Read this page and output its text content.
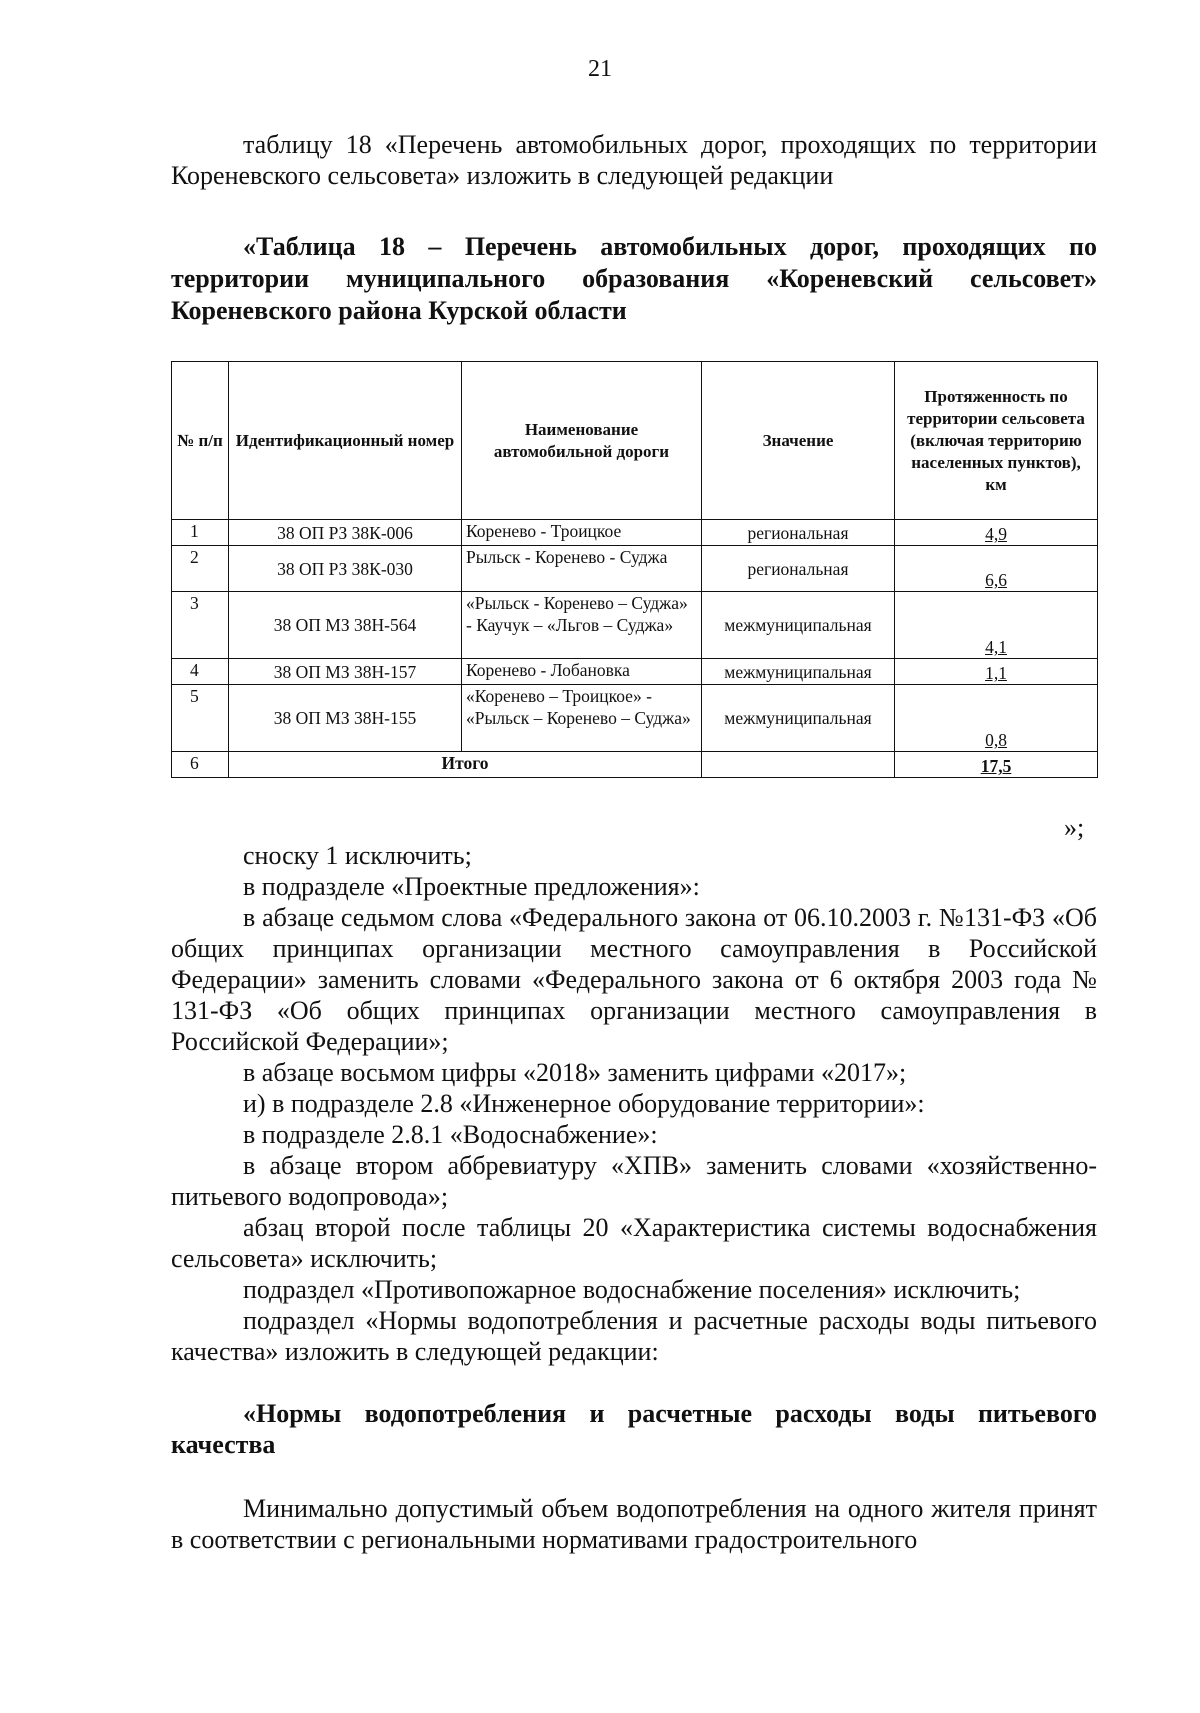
21

таблицу 18 «Перечень автомобильных дорог, проходящих по территории Кореневского сельсовета» изложить в следующей редакции

«Таблица 18 – Перечень автомобильных дорог, проходящих по территории муниципального образования «Кореневский сельсовет» Кореневского района Курской области

№ п/п	Идентификационный номер	Наименование автомобильной дороги	Значение	Протяженность по территории сельсовета (включая территорию населенных пунктов), км
1	38 ОП РЗ 38К-006	Коренево - Троицкое	региональная	4,9
2	38 ОП РЗ 38К-030	Рыльск - Коренево - Суджа	региональная	6,6
3	38 ОП МЗ 38Н-564	«Рыльск - Коренево – Суджа» - Каучук – «Льгов – Суджа»	межмуниципальная	4,1
4	38 ОП МЗ 38Н-157	Коренево - Лобановка	межмуниципальная	1,1
5	38 ОП МЗ 38Н-155	«Коренево – Троицкое» - «Рыльск – Коренево – Суджа»	межмуниципальная	0,8
6	Итого			17,5
»;

сноску 1 исключить;

в подразделе «Проектные предложения»:

в абзаце седьмом слова «Федерального закона от 06.10.2003 г. №131-ФЗ «Об общих принципах организации местного самоуправления в Российской Федерации» заменить словами «Федерального закона от 6 октября 2003 года № 131-ФЗ «Об общих принципах организации местного самоуправления в Российской Федерации»;

в абзаце восьмом цифры «2018» заменить цифрами «2017»;

и) в подразделе 2.8 «Инженерное оборудование территории»:

в подразделе 2.8.1 «Водоснабжение»:

в абзаце втором аббревиатуру «ХПВ» заменить словами «хозяйственно-питьевого водопровода»;

абзац второй после таблицы 20 «Характеристика системы водоснабжения сельсовета» исключить;

подраздел «Противопожарное водоснабжение поселения» исключить;

подраздел «Нормы водопотребления и расчетные расходы воды питьевого качества» изложить в следующей редакции:

«Нормы водопотребления и расчетные расходы воды питьевого качества

Минимально допустимый объем водопотребления на одного жителя принят в соответствии с региональными нормативами градостроительного
